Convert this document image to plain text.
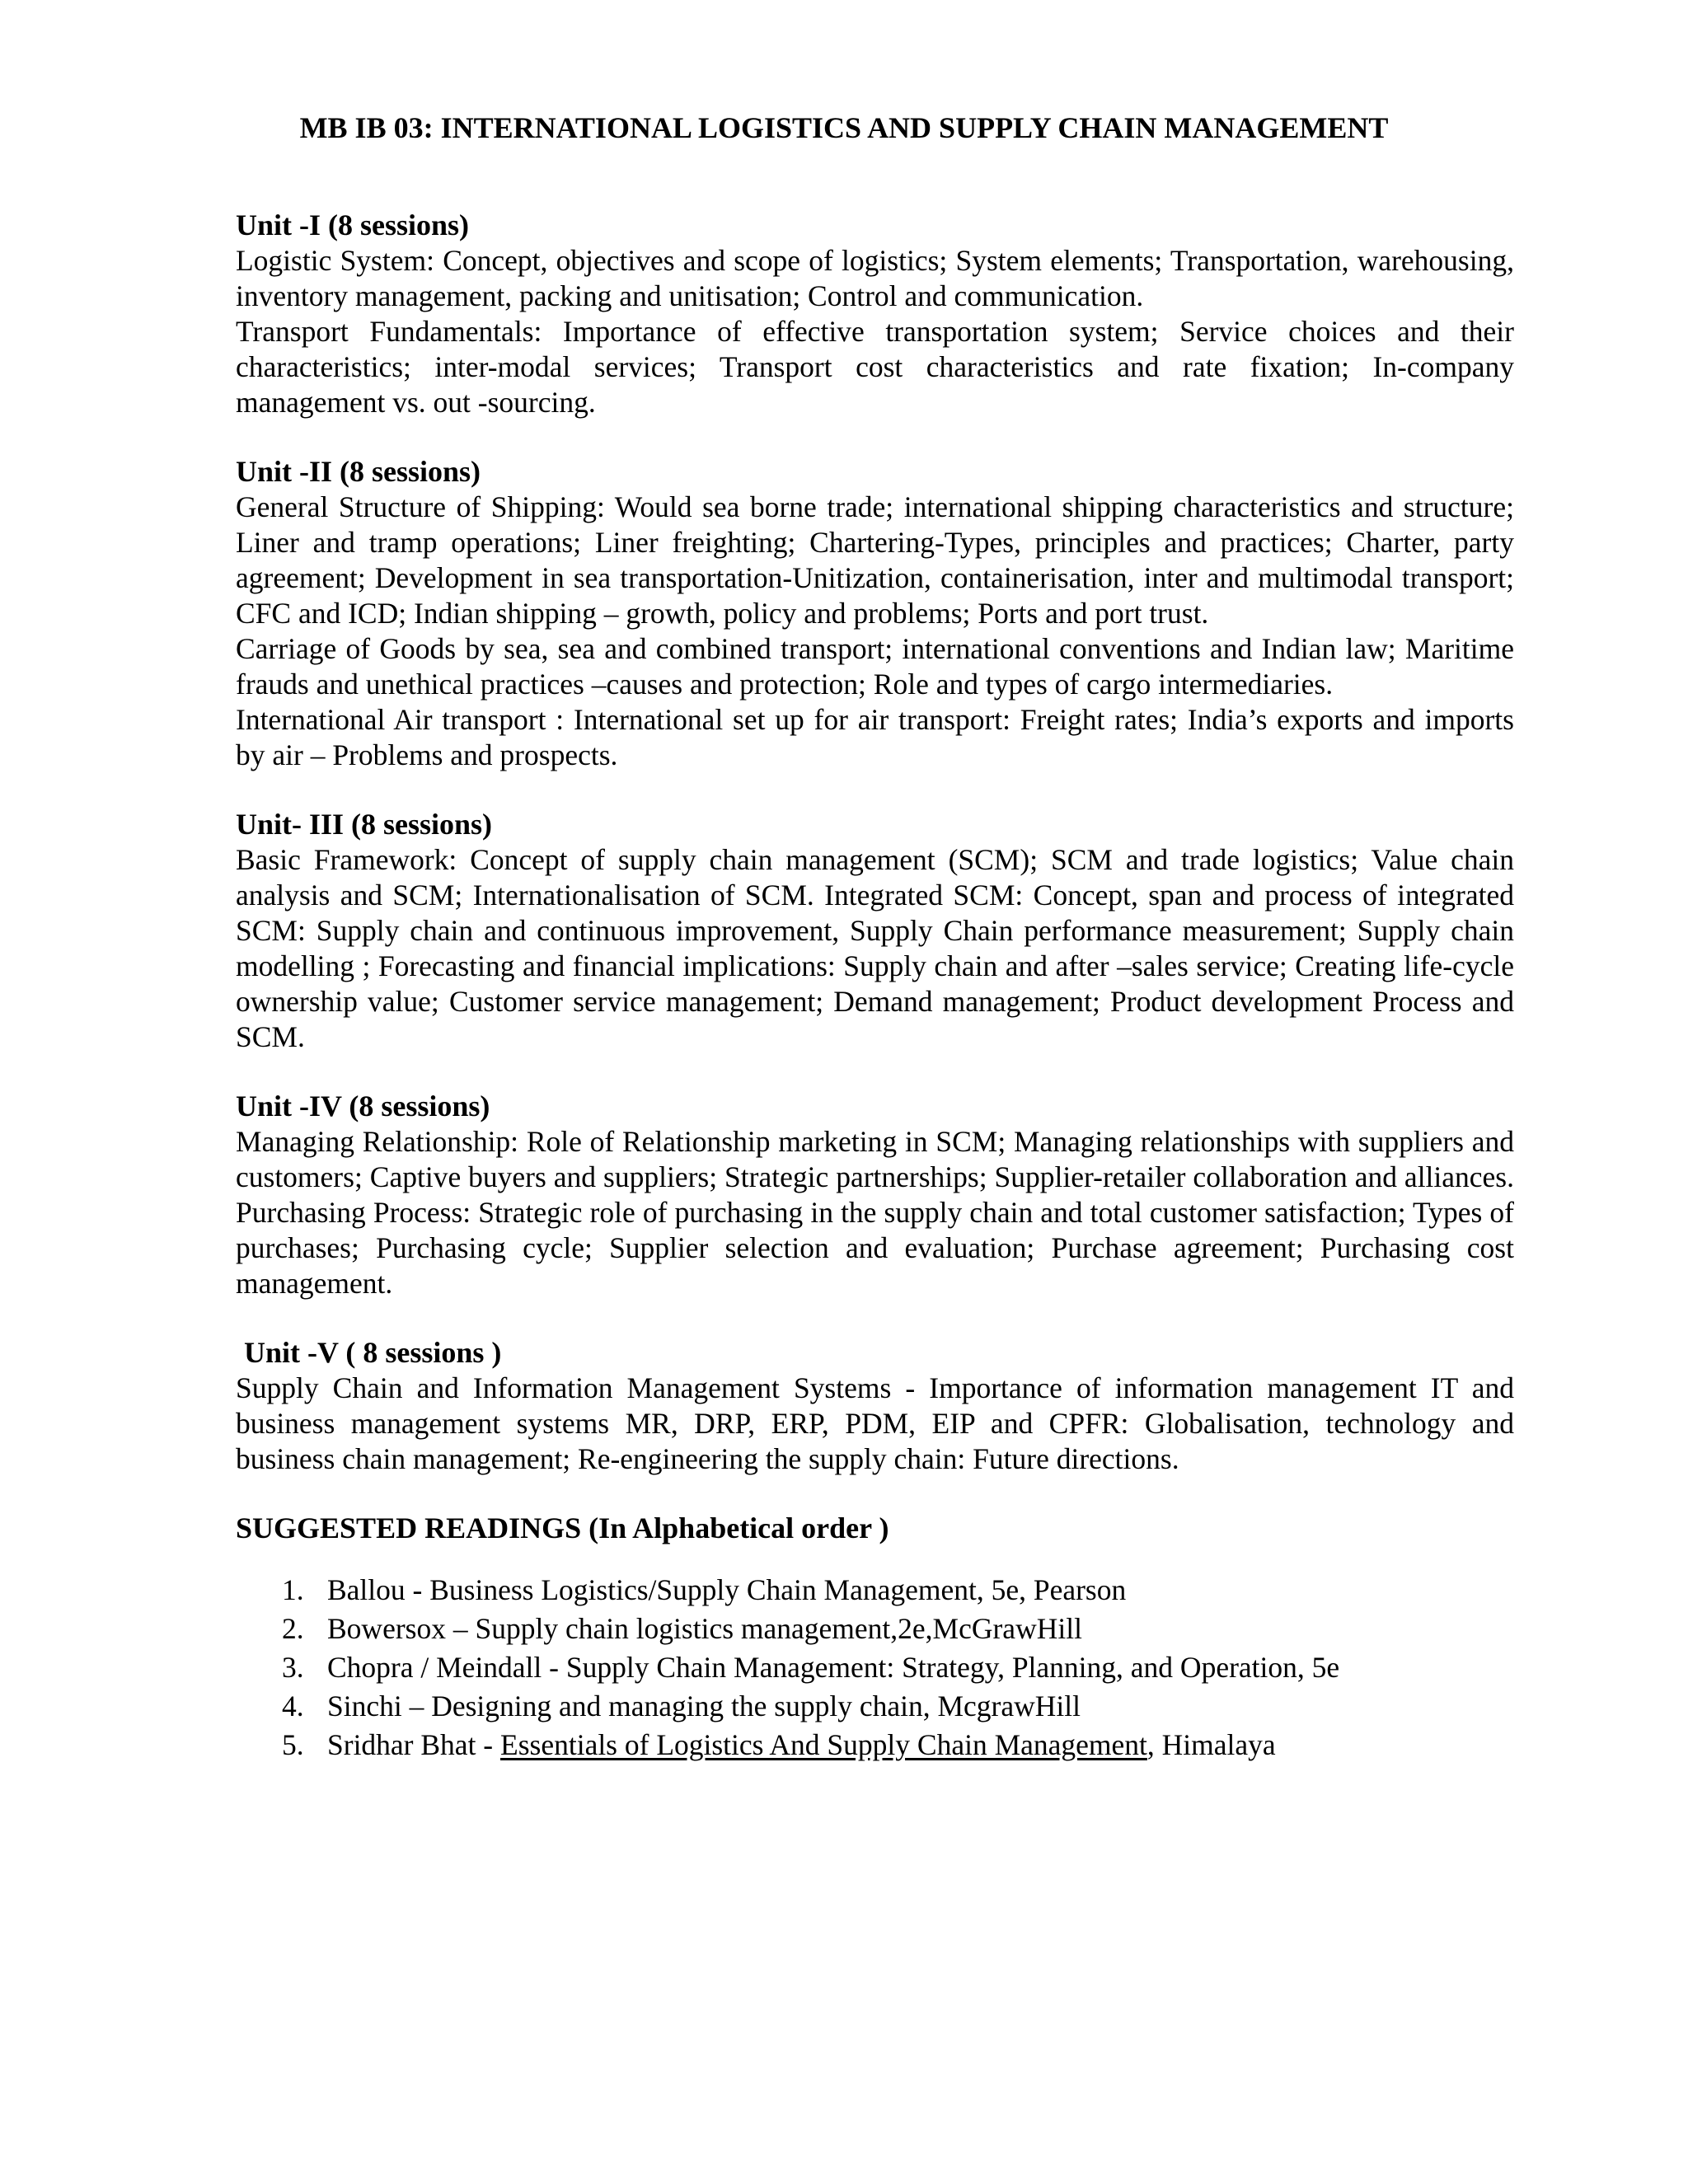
MB IB 03: INTERNATIONAL LOGISTICS AND SUPPLY CHAIN MANAGEMENT

Unit -I (8 sessions)

Logistic System: Concept, objectives and scope of logistics; System elements; Transportation, warehousing, inventory management, packing and unitisation; Control and communication.

Transport Fundamentals: Importance of effective transportation system; Service choices and their characteristics; inter-modal services; Transport cost characteristics and rate fixation; In-company management vs. out -sourcing.

Unit -II (8 sessions)

General Structure of Shipping: Would sea borne trade; international shipping characteristics and structure; Liner and tramp operations; Liner freighting; Chartering-Types, principles and practices; Charter, party agreement; Development in sea transportation-Unitization, containerisation, inter and multimodal transport; CFC and ICD; Indian shipping – growth, policy and problems; Ports and port trust.

Carriage of Goods by sea, sea and combined transport; international conventions and Indian law; Maritime frauds and unethical practices –causes and protection; Role and types of cargo intermediaries.

International Air transport : International set up for air transport: Freight rates; India’s exports and imports by air – Problems and prospects.

Unit- III (8 sessions)

Basic Framework: Concept of supply chain management (SCM); SCM and trade logistics; Value chain analysis and SCM; Internationalisation of SCM. Integrated SCM: Concept, span and process of integrated SCM: Supply chain and continuous improvement, Supply Chain performance measurement; Supply chain modelling ; Forecasting and financial implications: Supply chain and after –sales service; Creating life-cycle ownership value; Customer service management; Demand management; Product development Process and SCM.

Unit -IV (8 sessions)

Managing Relationship: Role of Relationship marketing in SCM; Managing relationships with suppliers and customers; Captive buyers and suppliers; Strategic partnerships; Supplier-retailer collaboration and alliances. Purchasing Process: Strategic role of purchasing in the supply chain and total customer satisfaction; Types of purchases; Purchasing cycle; Supplier selection and evaluation; Purchase agreement; Purchasing cost management.

Unit -V ( 8 sessions )

Supply Chain and Information Management Systems - Importance of information management IT and business management systems MR, DRP, ERP, PDM, EIP and CPFR: Globalisation, technology and business chain management; Re-engineering the supply chain: Future directions.

SUGGESTED READINGS (In Alphabetical order )

1. Ballou - Business Logistics/Supply Chain Management, 5e, Pearson
2. Bowersox – Supply chain logistics management,2e,McGrawHill
3. Chopra / Meindall - Supply Chain Management: Strategy, Planning, and Operation, 5e
4. Sinchi – Designing and managing the supply chain, McgrawHill
5. Sridhar Bhat - Essentials of Logistics And Supply Chain Management, Himalaya
